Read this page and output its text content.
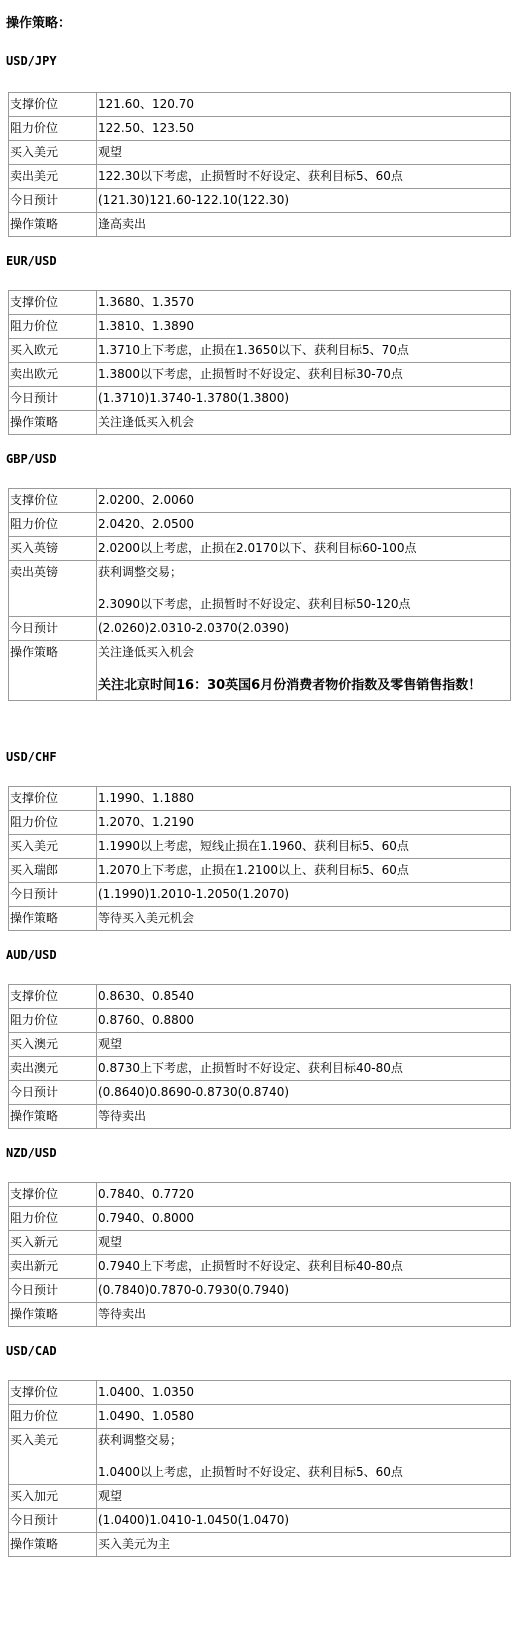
操作策略：
USD/JPY
支撑价位	121.60、120.70
阻力价位	122.50、123.50
买入美元	观望
卖出美元	122.30以下考虑，止损暂时不好设定、获利目标5、60点
今日预计	(121.30)121.60-122.10(122.30)
操作策略	逢高卖出
EUR/USD
支撑价位	1.3680、1.3570
阻力价位	1.3810、1.3890
买入欧元	1.3710上下考虑，止损在1.3650以下、获利目标5、70点
卖出欧元	1.3800以下考虑，止损暂时不好设定、获利目标30-70点
今日预计	(1.3710)1.3740-1.3780(1.3800)
操作策略	关注逢低买入机会
GBP/USD
支撑价位	2.0200、2.0060
阻力价位	2.0420、2.0500
买入英镑	2.0200以上考虑，止损在2.0170以下、获利目标60-100点
卖出英镑	获利调整交易；
2.3090以下考虑，止损暂时不好设定、获利目标50-120点

今日预计	(2.0260)2.0310-2.0370(2.0390)
操作策略	关注逢低买入机会
关注北京时间16：30英国6月份消费者物价指数及零售销售指数！
USD/CHF
支撑价位	1.1990、1.1880
阻力价位	1.2070、1.2190
买入美元	1.1990以上考虑，短线止损在1.1960、获利目标5、60点
买入瑞郎	1.2070上下考虑，止损在1.2100以上、获利目标5、60点
今日预计	(1.1990)1.2010-1.2050(1.2070)
操作策略	等待买入美元机会
AUD/USD
支撑价位	0.8630、0.8540
阻力价位	0.8760、0.8800
买入澳元	观望
卖出澳元	0.8730上下考虑，止损暂时不好设定、获利目标40-80点
今日预计	(0.8640)0.8690-0.8730(0.8740)
操作策略	等待卖出
NZD/USD
支撑价位	0.7840、0.7720
阻力价位	0.7940、0.8000
买入新元	观望
卖出新元	0.7940上下考虑，止损暂时不好设定、获利目标40-80点
今日预计	(0.7840)0.7870-0.7930(0.7940)
操作策略	等待卖出
USD/CAD
支撑价位	1.0400、1.0350
阻力价位	1.0490、1.0580
买入美元	获利调整交易；
1.0400以上考虑，止损暂时不好设定、获利目标5、60点

买入加元	观望
今日预计	(1.0400)1.0410-1.0450(1.0470)
操作策略	买入美元为主
